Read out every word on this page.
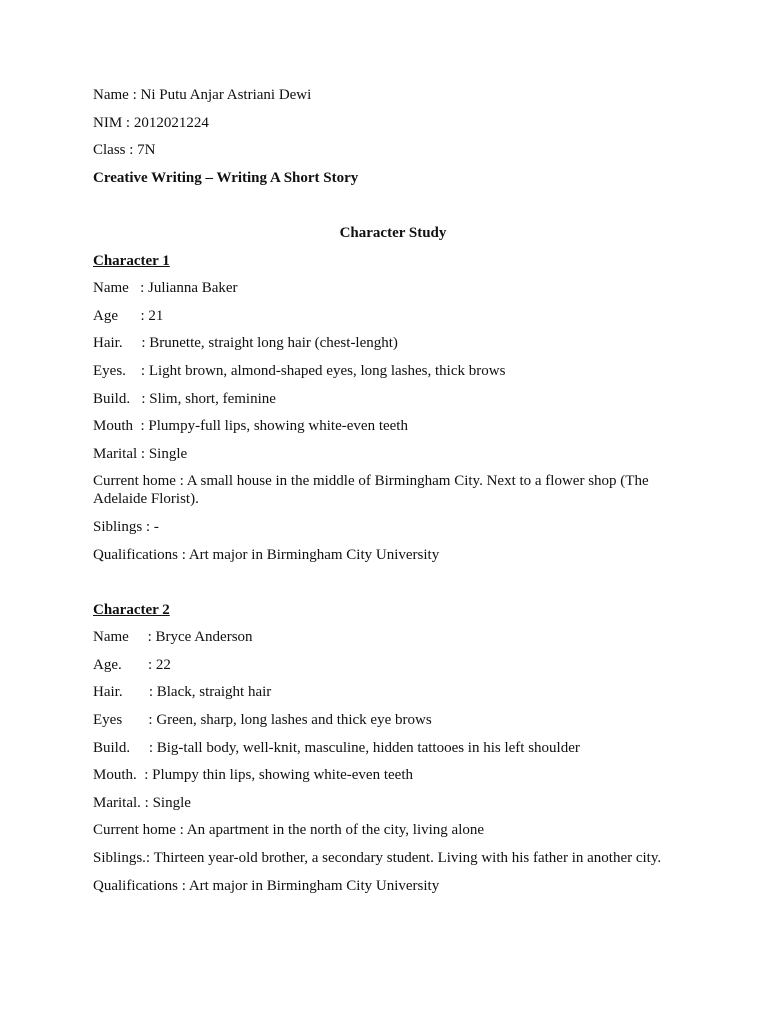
Name : Ni Putu Anjar Astriani Dewi
NIM : 2012021224
Class : 7N
Creative Writing – Writing A Short Story
Character Study
Character 1
Name   : Julianna Baker
Age      : 21
Hair.     : Brunette, straight long hair (chest-lenght)
Eyes.    : Light brown, almond-shaped eyes, long lashes, thick brows
Build.   : Slim, short, feminine
Mouth  : Plumpy-full lips, showing white-even teeth
Marital : Single
Current home : A small house in the middle of Birmingham City. Next to a flower shop (The Adelaide Florist).
Siblings : -
Qualifications : Art major in Birmingham City University
Character 2
Name     : Bryce Anderson
Age.       : 22
Hair.       : Black, straight hair
Eyes       : Green, sharp, long lashes and thick eye brows
Build.     : Big-tall body, well-knit, masculine, hidden tattooes in his left shoulder
Mouth.  : Plumpy thin lips, showing white-even teeth
Marital. : Single
Current home : An apartment in the north of the city, living alone
Siblings.: Thirteen year-old brother, a secondary student. Living with his father in another city.
Qualifications : Art major in Birmingham City University
